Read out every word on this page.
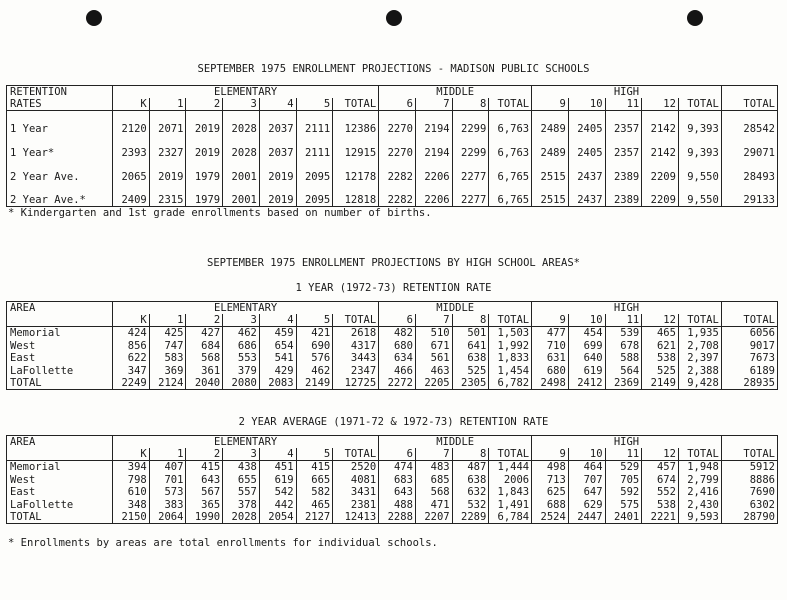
SEPTEMBER 1975 ENROLLMENT PROJECTIONS - MADISON PUBLIC SCHOOLS
RETENTION	ELEMENTARY							MIDDLE				HIGH					
RATES	K	1	2	3	4	5	TOTAL	6	7	8	TOTAL	9	10	11	12	TOTAL	TOTAL
1 Year	2120	2071	2019	2028	2037	2111	12386	2270	2194	2299	6,763	2489	2405	2357	2142	9,393	28542
1 Year*	2393	2327	2019	2028	2037	2111	12915	2270	2194	2299	6,763	2489	2405	2357	2142	9,393	29071
2 Year Ave.	2065	2019	1979	2001	2019	2095	12178	2282	2206	2277	6,765	2515	2437	2389	2209	9,550	28493
2 Year Ave.*	2409	2315	1979	2001	2019	2095	12818	2282	2206	2277	6,765	2515	2437	2389	2209	9,550	29133
* Kindergarten and 1st grade enrollments based on number of births.
SEPTEMBER 1975 ENROLLMENT PROJECTIONS BY HIGH SCHOOL AREAS*
1 YEAR (1972-73) RETENTION RATE
AREA	ELEMENTARY							MIDDLE				HIGH					
	K	1	2	3	4	5	TOTAL	6	7	8	TOTAL	9	10	11	12	TOTAL	TOTAL
Memorial	424	425	427	462	459	421	2618	482	510	501	1,503	477	454	539	465	1,935	6056
West	856	747	684	686	654	690	4317	680	671	641	1,992	710	699	678	621	2,708	9017
East	622	583	568	553	541	576	3443	634	561	638	1,833	631	640	588	538	2,397	7673
LaFollette	347	369	361	379	429	462	2347	466	463	525	1,454	680	619	564	525	2,388	6189
TOTAL	2249	2124	2040	2080	2083	2149	12725	2272	2205	2305	6,782	2498	2412	2369	2149	9,428	28935
2 YEAR AVERAGE (1971-72 & 1972-73) RETENTION RATE
AREA	ELEMENTARY							MIDDLE				HIGH					
	K	1	2	3	4	5	TOTAL	6	7	8	TOTAL	9	10	11	12	TOTAL	TOTAL
Memorial	394	407	415	438	451	415	2520	474	483	487	1,444	498	464	529	457	1,948	5912
West	798	701	643	655	619	665	4081	683	685	638	2006	713	707	705	674	2,799	8886
East	610	573	567	557	542	582	3431	643	568	632	1,843	625	647	592	552	2,416	7690
LaFollette	348	383	365	378	442	465	2381	488	471	532	1,491	688	629	575	538	2,430	6302
TOTAL	2150	2064	1990	2028	2054	2127	12413	2288	2207	2289	6,784	2524	2447	2401	2221	9,593	28790
* Enrollments by areas are total enrollments for individual schools.
